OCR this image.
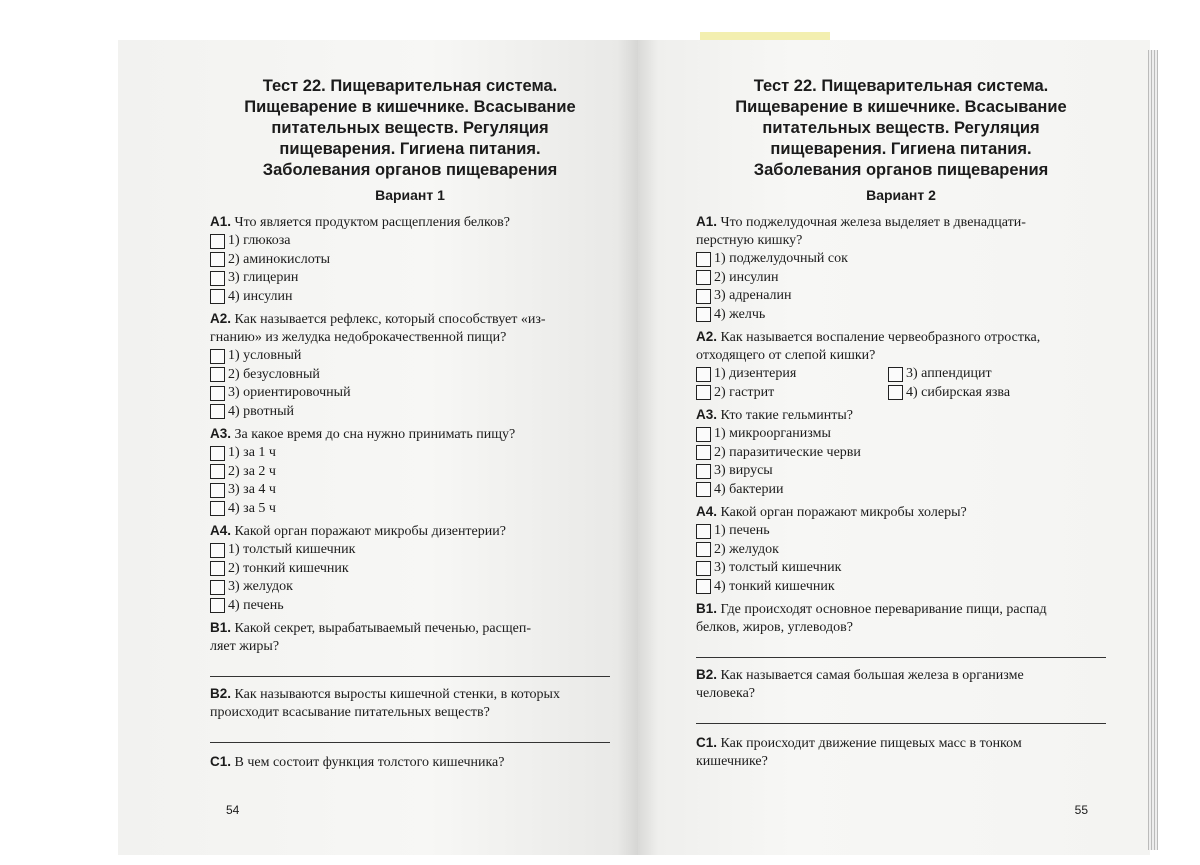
Тест 22. Пищеварительная система.
Пищеварение в кишечнике. Всасывание
питательных веществ. Регуляция
пищеварения. Гигиена питания.
Заболевания органов пищеварения
Вариант 1
А1. Что является продуктом расщепления белков?
1) глюкоза
2) аминокислоты
3) глицерин
4) инсулин
А2. Как называется рефлекс, который способствует «из-
гнанию» из желудка недоброкачественной пищи?
1) условный
2) безусловный
3) ориентировочный
4) рвотный
А3. За какое время до сна нужно принимать пищу?
1) за 1 ч
2) за 2 ч
3) за 4 ч
4) за 5 ч
А4. Какой орган поражают микробы дизентерии?
1) толстый кишечник
2) тонкий кишечник
3) желудок
4) печень
В1. Какой секрет, вырабатываемый печенью, расщеп-
ляет жиры?
В2. Как называются выросты кишечной стенки, в которых
происходит всасывание питательных веществ?
С1. В чем состоит функция толстого кишечника?
54
Тест 22. Пищеварительная система.
Пищеварение в кишечнике. Всасывание
питательных веществ. Регуляция
пищеварения. Гигиена питания.
Заболевания органов пищеварения
Вариант 2
А1. Что поджелудочная железа выделяет в двенадцати-
перстную кишку?
1) поджелудочный сок
2) инсулин
3) адреналин
4) желчь
А2. Как называется воспаление червеобразного отростка,
отходящего от слепой кишки?
1) дизентерия	3) аппендицит
2) гастрит	4) сибирская язва
А3. Кто такие гельминты?
1) микроорганизмы
2) паразитические черви
3) вирусы
4) бактерии
А4. Какой орган поражают микробы холеры?
1) печень
2) желудок
3) толстый кишечник
4) тонкий кишечник
В1. Где происходят основное переваривание пищи, распад
белков, жиров, углеводов?
В2. Как называется самая большая железа в организме
человека?
С1. Как происходит движение пищевых масс в тонком
кишечнике?
55
